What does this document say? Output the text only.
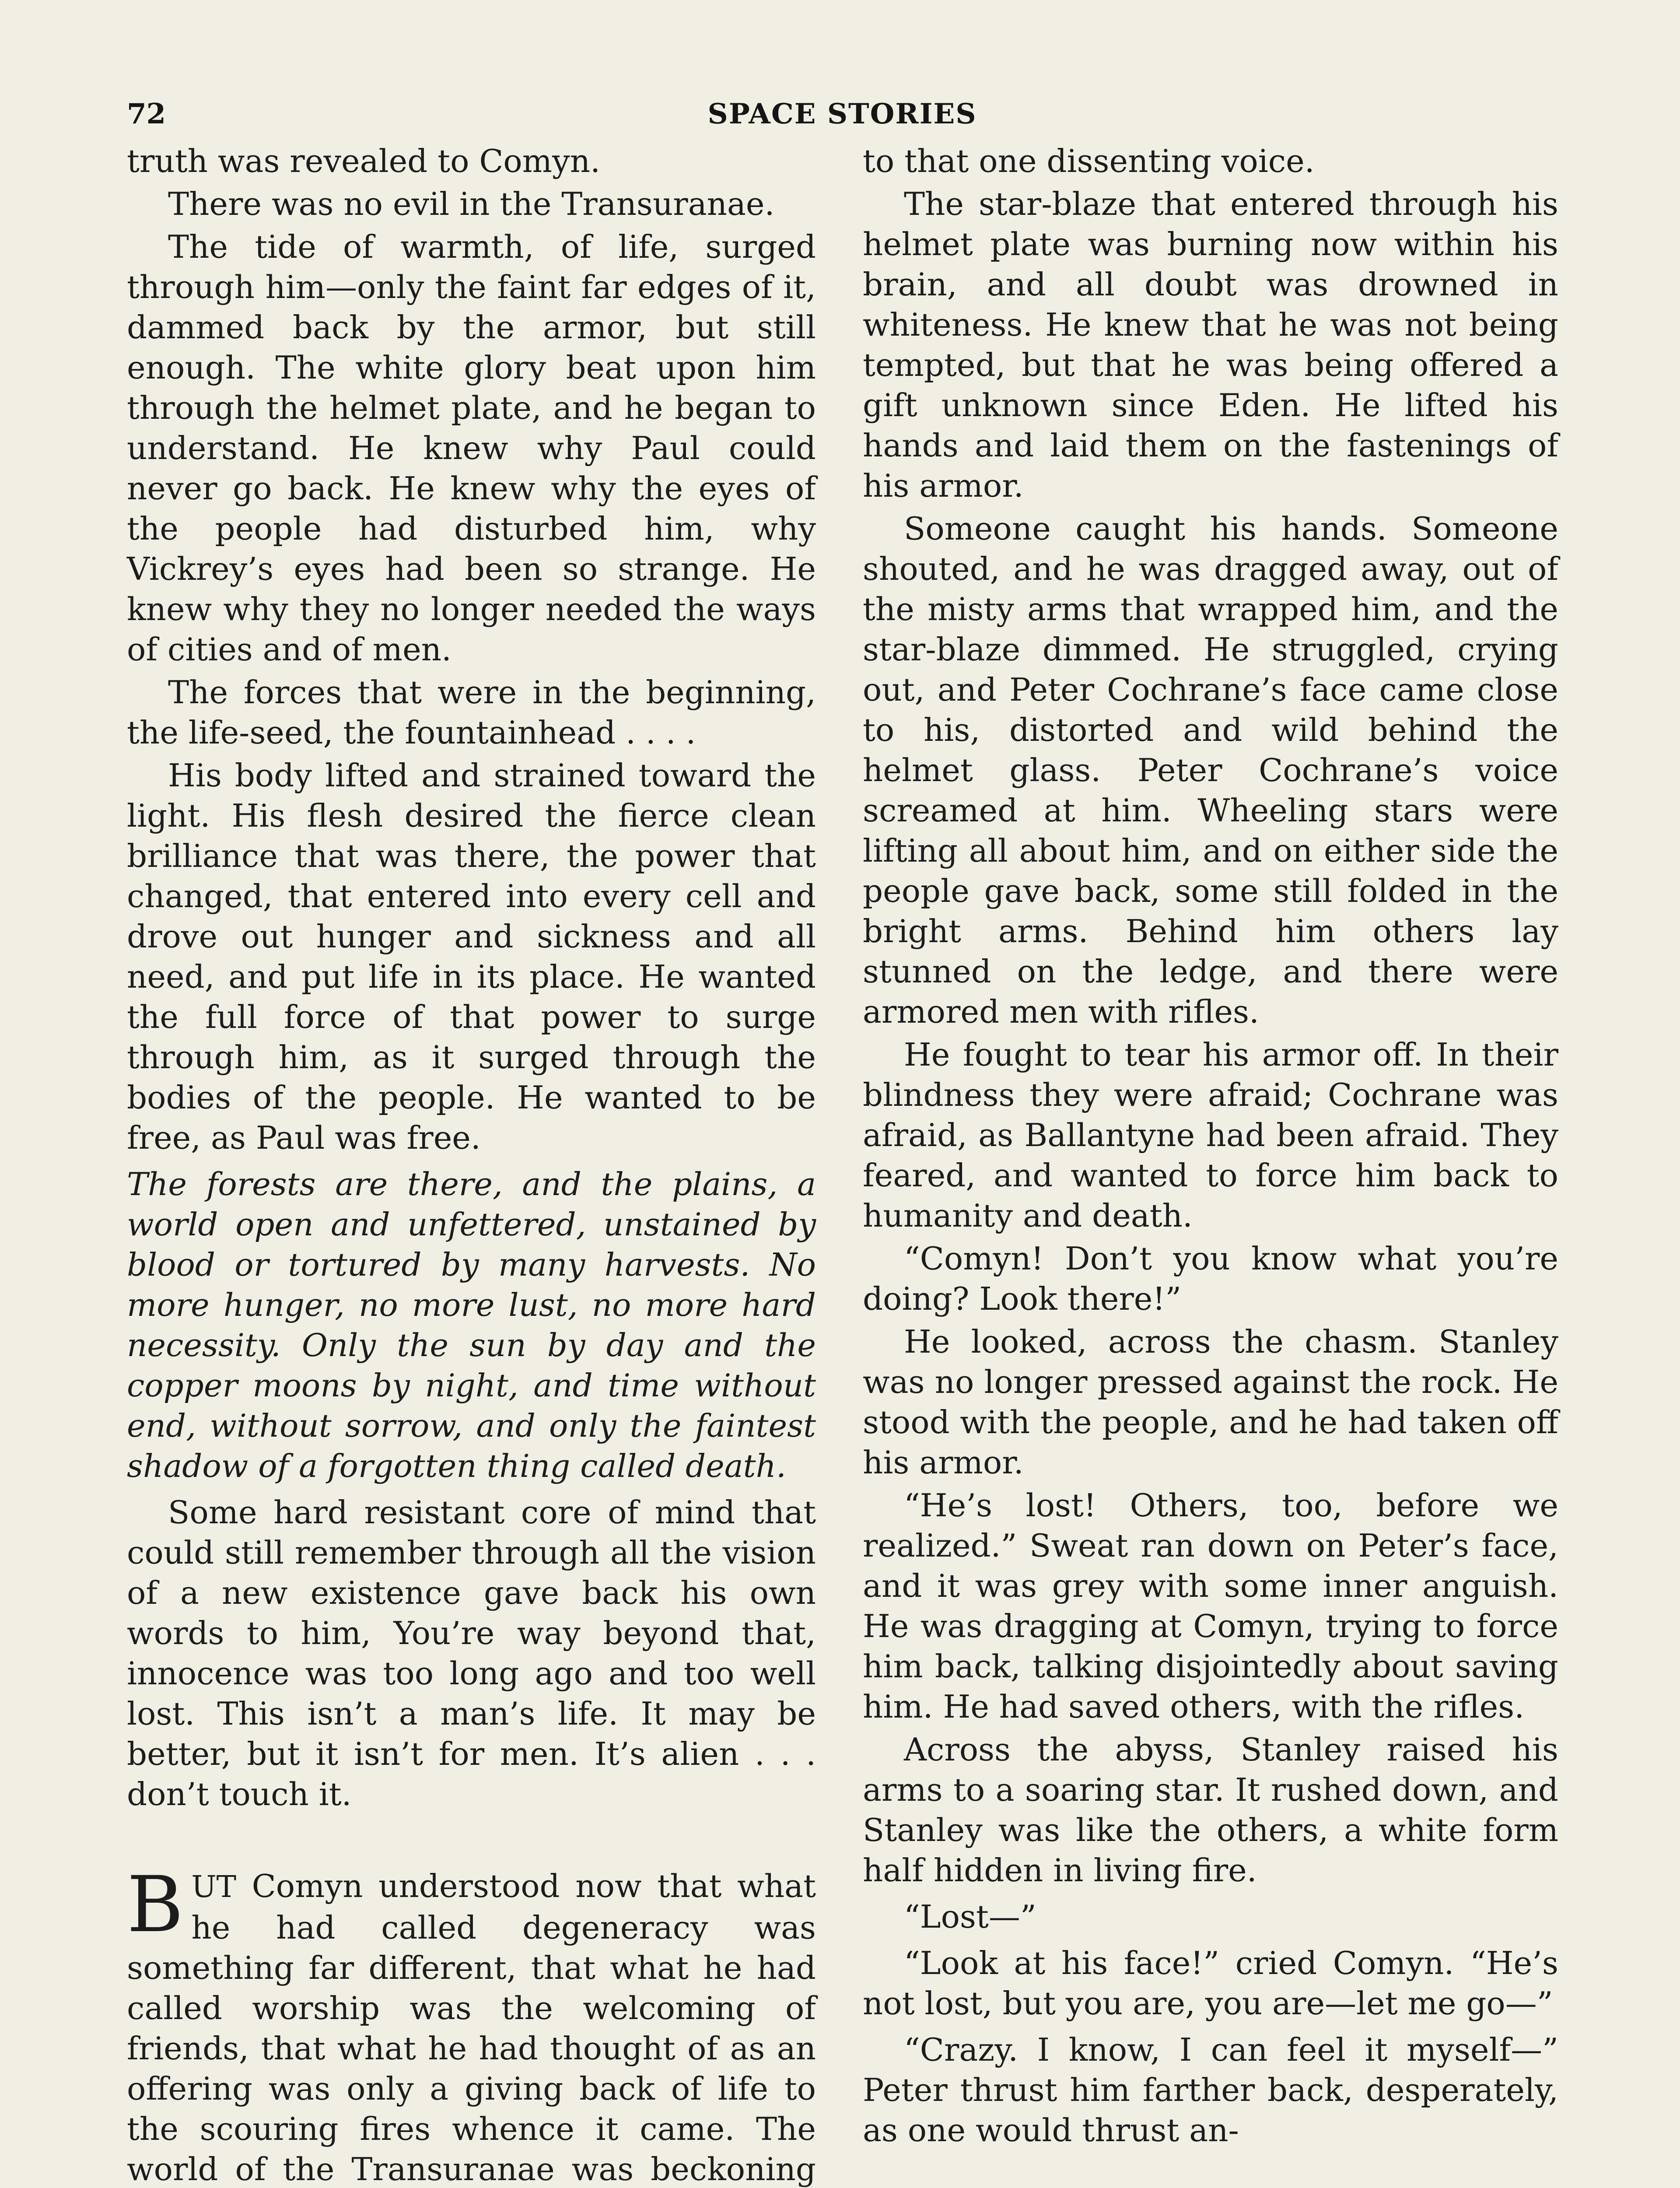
72	SPACE STORIES

truth was revealed to Comyn.

There was no evil in the Transuranae.

The tide of warmth, of life, surged through him—only the faint far edges of it, dammed back by the armor, but still enough. The white glory beat upon him through the helmet plate, and he began to understand. He knew why Paul could never go back. He knew why the eyes of the people had disturbed him, why Vickrey’s eyes had been so strange. He knew why they no longer needed the ways of cities and of men.

The forces that were in the beginning, the life-seed, the fountainhead . . . .

His body lifted and strained toward the light. His flesh desired the fierce clean brilliance that was there, the power that changed, that entered into every cell and drove out hunger and sickness and all need, and put life in its place. He wanted the full force of that power to surge through him, as it surged through the bodies of the people. He wanted to be free, as Paul was free.

The forests are there, and the plains, a world open and unfettered, unstained by blood or tortured by many harvests. No more hunger, no more lust, no more hard necessity. Only the sun by day and the copper moons by night, and time without end, without sorrow, and only the faintest shadow of a forgotten thing called death.

Some hard resistant core of mind that could still remember through all the vision of a new existence gave back his own words to him, You’re way beyond that, innocence was too long ago and too well lost. This isn’t a man’s life. It may be better, but it isn’t for men. It’s alien . . . don’t touch it.

BUT Comyn understood now that what he had called degeneracy was something far different, that what he had called worship was the welcoming of friends, that what he had thought of as an offering was only a giving back of life to the scouring fires whence it came. The world of the Transuranae was beckoning

to that one dissenting voice.

The star-blaze that entered through his helmet plate was burning now within his brain, and all doubt was drowned in whiteness. He knew that he was not being tempted, but that he was being offered a gift unknown since Eden. He lifted his hands and laid them on the fastenings of his armor.

Someone caught his hands. Someone shouted, and he was dragged away, out of the misty arms that wrapped him, and the star-blaze dimmed. He struggled, crying out, and Peter Cochrane’s face came close to his, distorted and wild behind the helmet glass. Peter Cochrane’s voice screamed at him. Wheeling stars were lifting all about him, and on either side the people gave back, some still folded in the bright arms. Behind him others lay stunned on the ledge, and there were armored men with rifles.

He fought to tear his armor off. In their blindness they were afraid; Cochrane was afraid, as Ballantyne had been afraid. They feared, and wanted to force him back to humanity and death.

“Comyn! Don’t you know what you’re doing? Look there!”

He looked, across the chasm. Stanley was no longer pressed against the rock. He stood with the people, and he had taken off his armor.

“He’s lost! Others, too, before we realized.” Sweat ran down on Peter’s face, and it was grey with some inner anguish. He was dragging at Comyn, trying to force him back, talking disjointedly about saving him. He had saved others, with the rifles.

Across the abyss, Stanley raised his arms to a soaring star. It rushed down, and Stanley was like the others, a white form half hidden in living fire.

“Lost—”

“Look at his face!” cried Comyn. “He’s not lost, but you are, you are—let me go—”

“Crazy. I know, I can feel it myself—” Peter thrust him farther back, desperately, as one would thrust an-
